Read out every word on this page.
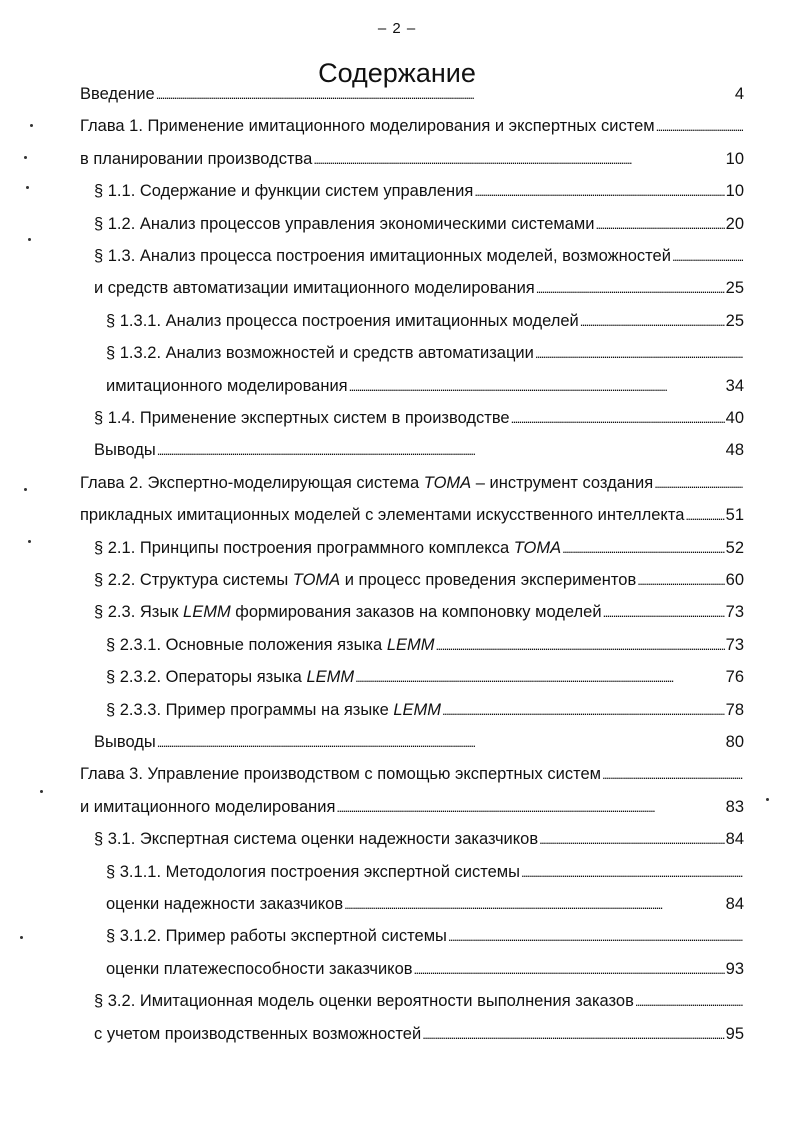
– 2 –
Содержание
Введение . . .	4
Глава 1. Применение имитационного моделирования и экспертных систем
. . .
в планировании производства . . .	10
§ 1.1. Содержание и функции систем управления . . .	10
§ 1.2. Анализ процессов управления экономическими системами . . .	20
§ 1.3. Анализ процесса построения имитационных моделей, возможностей
. . .
и средств автоматизации имитационного моделирования . . .	25
§ 1.3.1. Анализ процесса построения имитационных моделей . . .	25
§ 1.3.2. Анализ возможностей и средств автоматизации
. . .
имитационного моделирования . . .	34
§ 1.4. Применение экспертных систем в производстве . . .	40
Выводы . . .	48
Глава 2. Экспертно-моделирующая система TOMA – инструмент создания
. . .
прикладных имитационных моделей с элементами искусственного интеллекта . . .	51
§ 2.1. Принципы построения программного комплекса TOMA . . .	52
§ 2.2. Структура системы TOMA и процесс проведения экспериментов . . .	60
§ 2.3. Язык LEMM формирования заказов на компоновку моделей . . .	73
§ 2.3.1. Основные положения языка LEMM . . .	73
§ 2.3.2. Операторы языка LEMM . . .	76
§ 2.3.3. Пример программы на языке LEMM . . .	78
Выводы . . .	80
Глава 3. Управление производством с помощью экспертных систем
. . .
и имитационного моделирования . . .	83
§ 3.1. Экспертная система оценки надежности заказчиков . . .	84
§ 3.1.1. Методология построения экспертной системы
. . .
оценки надежности заказчиков . . .	84
§ 3.1.2. Пример работы экспертной системы
. . .
оценки платежеспособности заказчиков . . .	93
§ 3.2. Имитационная модель оценки вероятности выполнения заказов
. . .
с учетом производственных возможностей . . .	95
